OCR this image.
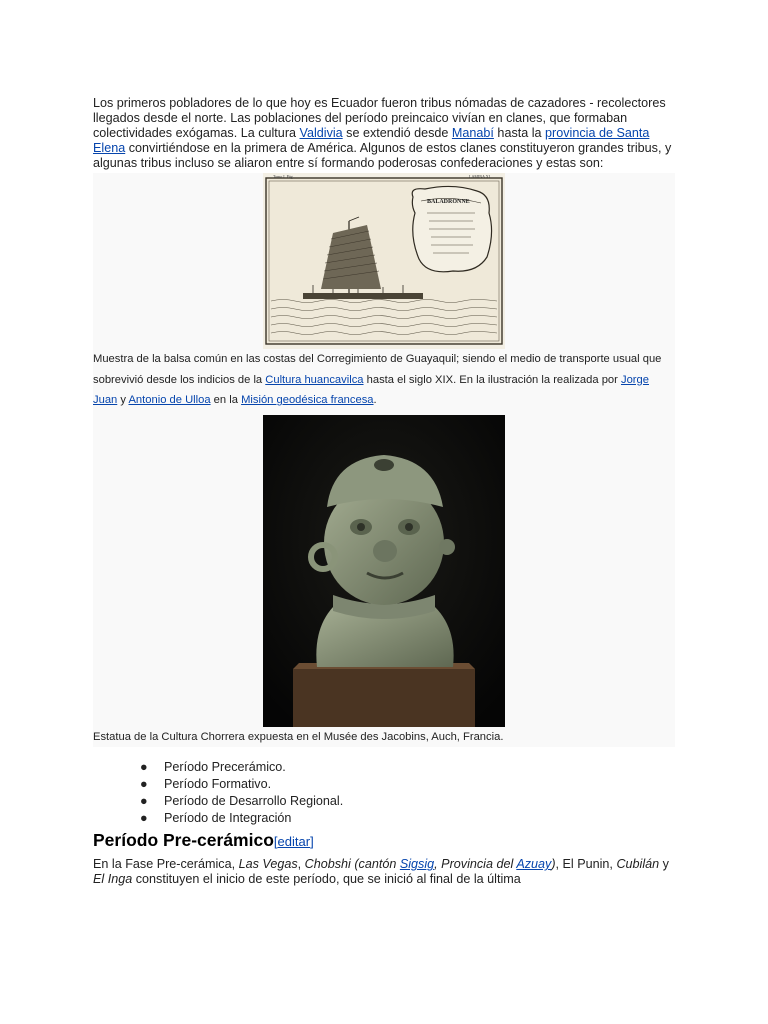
Los primeros pobladores de lo que hoy es Ecuador fueron tribus nómadas de cazadores - recolectores llegados desde el norte. Las poblaciones del período preincaico vivían en clanes, que formaban colectividades exógamas. La cultura Valdivia se extendió desde Manabí hasta la provincia de Santa Elena convirtiéndose en la primera de América. Algunos de estos clanes constituyeron grandes tribus, y algunas tribus incluso se aliaron entre sí formando poderosas confederaciones y estas son:

Tomo I. Pág.	LAMINA XI.
BALADRONNE

Muestra de la balsa común en las costas del Corregimiento de Guayaquil; siendo el medio de transporte usual que sobrevivió desde los indicios de la Cultura huancavilca hasta el siglo XIX. En la ilustración la realizada por Jorge Juan y Antonio de Ulloa en la Misión geodésica francesa.

Estatua de la Cultura Chorrera expuesta en el Musée des Jacobins, Auch, Francia.

● Período Precerámico.
● Período Formativo.
● Período de Desarrollo Regional.
● Período de Integración
Período Pre-cerámico[editar]

En la Fase Pre-cerámica, Las Vegas, Chobshi (cantón Sigsig, Provincia del Azuay), El Punin, Cubilán y El Inga constituyen el inicio de este período, que se inició al final de la última
